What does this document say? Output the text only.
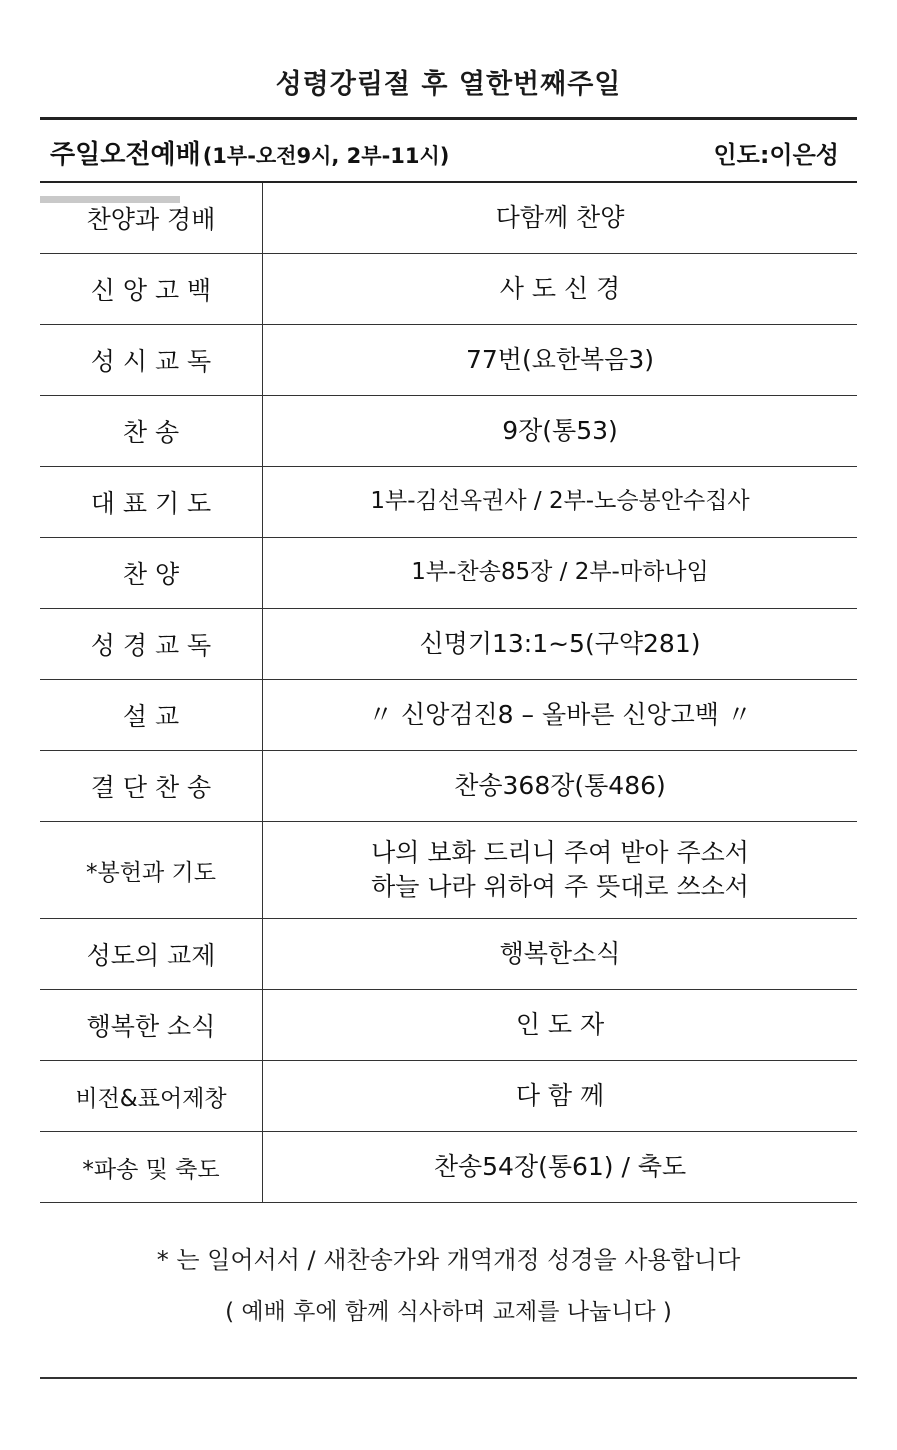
성령강림절 후 열한번째주일
주일오전예배 (1부-오전9시, 2부-11시)	인도:이은성
찬양과 경배	다함께 찬양
신 앙 고 백	사 도 신 경
성 시 교 독	77번(요한복음3)
찬 송	9장(통53)
대 표 기 도	1부-김선옥권사 / 2부-노승봉안수집사
찬 양	1부-찬송85장 / 2부-마하나임
성 경 교 독	신명기13:1~5(구약281)
설 교	〃 신앙검진8 – 올바른 신앙고백 〃
결 단 찬 송	찬송368장(통486)
*봉헌과 기도	나의 보화 드리니 주여 받아 주소서
하늘 나라 위하여 주 뜻대로 쓰소서

성도의 교제	행복한소식
행복한 소식	인 도 자
비전&표어제창	다 함 께
*파송 및 축도	찬송54장(통61) / 축도
* 는 일어서서 / 새찬송가와 개역개정 성경을 사용합니다
( 예배 후에 함께 식사하며 교제를 나눕니다 )
